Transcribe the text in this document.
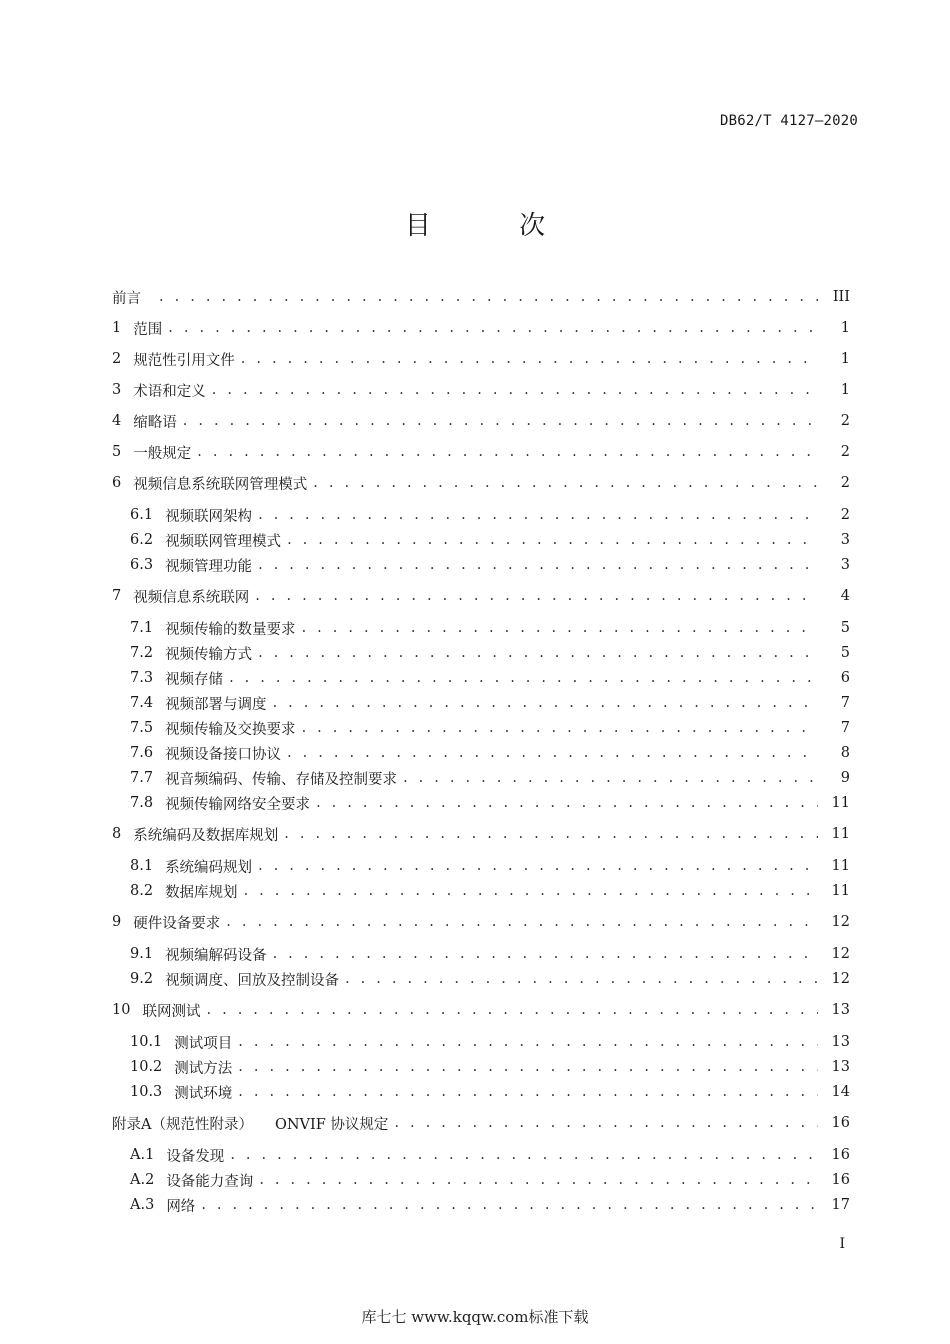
DB62/T 4127—2020
目 次
前言 . . .	III
1 范围 . . .	1
2 规范性引用文件 . . .	1
3 术语和定义 . . .	1
4 缩略语 . . .	2
5 一般规定 . . .	2
6 视频信息系统联网管理模式 . . .	2
6.1 视频联网架构 . . .	2
6.2 视频联网管理模式 . . .	3
6.3 视频管理功能 . . .	3
7 视频信息系统联网 . . .	4
7.1 视频传输的数量要求 . . .	5
7.2 视频传输方式 . . .	5
7.3 视频存储 . . .	6
7.4 视频部署与调度 . . .	7
7.5 视频传输及交换要求 . . .	7
7.6 视频设备接口协议 . . .	8
7.7 视音频编码、传输、存储及控制要求 . . .	9
7.8 视频传输网络安全要求 . . .	11
8 系统编码及数据库规划 . . .	11
8.1 系统编码规划 . . .	11
8.2 数据库规划 . . .	11
9 硬件设备要求 . . .	12
9.1 视频编解码设备 . . .	12
9.2 视频调度、回放及控制设备 . . .	12
10 联网测试 . . .	13
10.1 测试项目 . . .	13
10.2 测试方法 . . .	13
10.3 测试环境 . . .	14
附录A（规范性附录）	ONVIF 协议规定 . . .	16
A.1 设备发现 . . .	16
A.2 设备能力查询 . . .	16
A.3 网络 . . .	17
I
库七七 www.kqqw.com标准下载
